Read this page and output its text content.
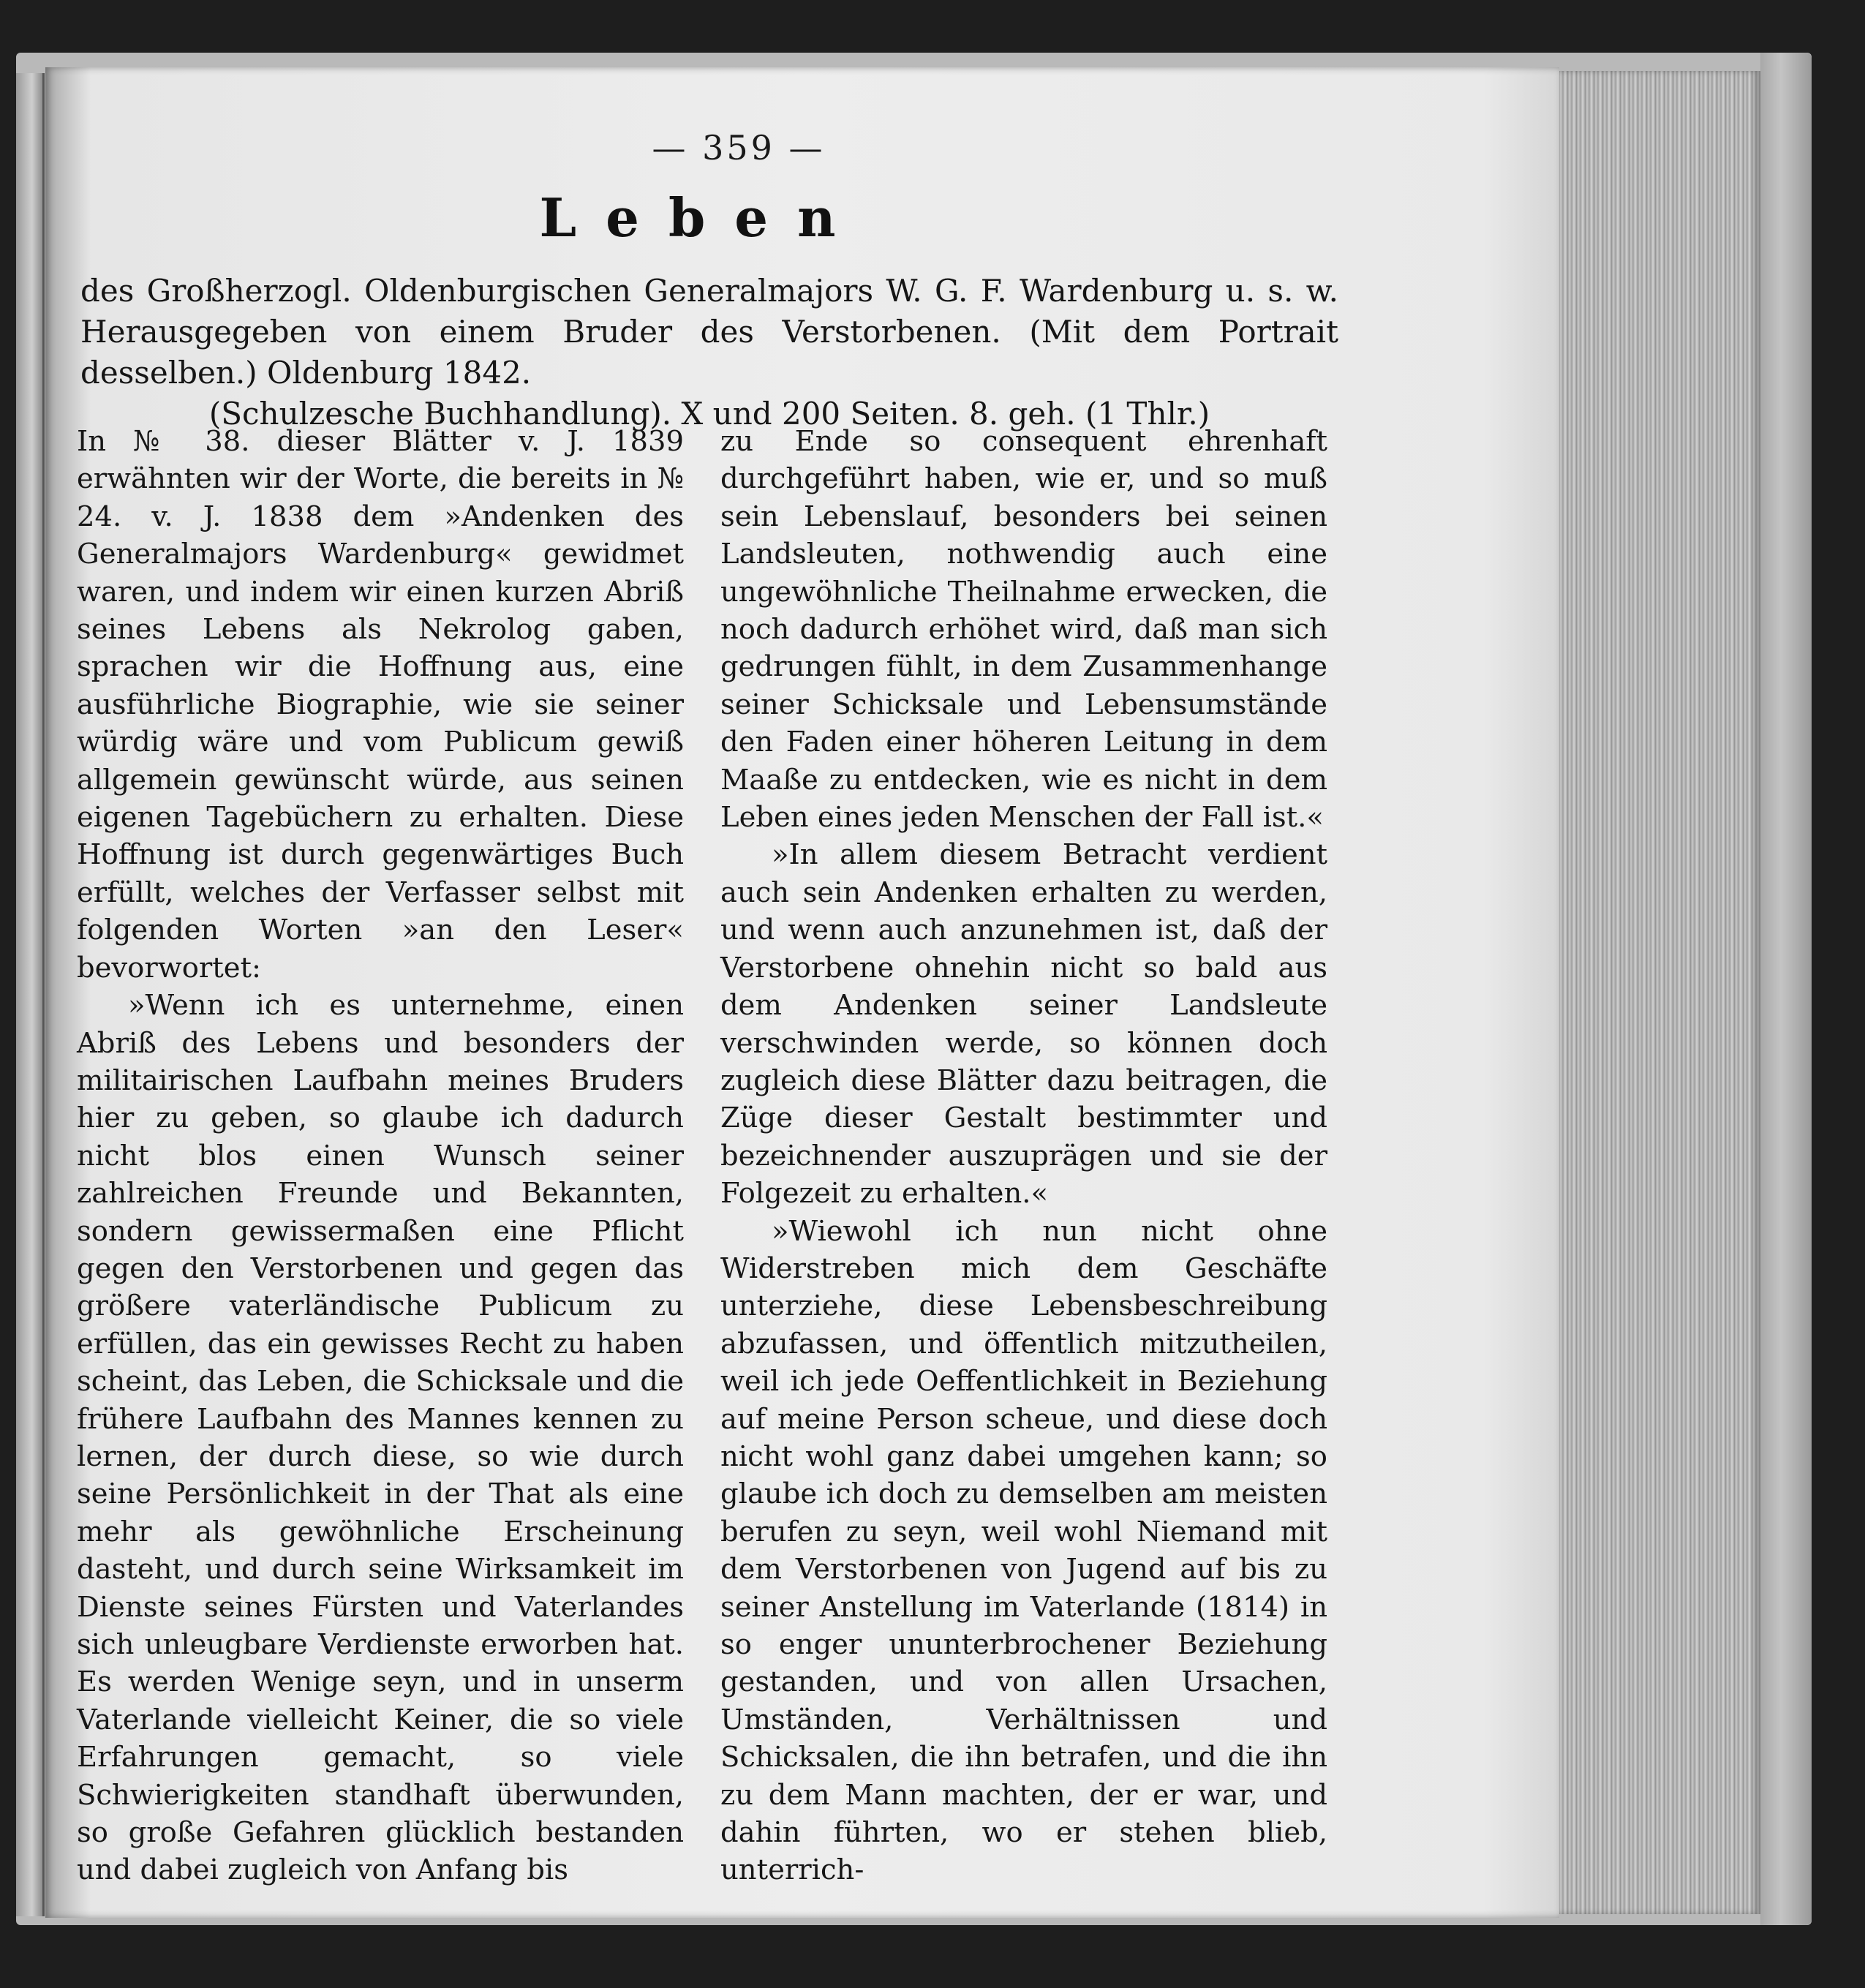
— 359 —
Leben
des Großherzogl. Oldenburgischen Generalmajors W. G. F. Wardenburg u. s. w. Herausgegeben von einem Bruder des Verstorbenen. (Mit dem Portrait desselben.) Oldenburg 1842.
(Schulzesche Buchhandlung). X und 200 Seiten. 8. geh. (1 Thlr.)

In № 38. dieser Blätter v. J. 1839 erwähnten wir der Worte, die bereits in № 24. v. J. 1838 dem »Andenken des Generalmajors Wardenburg« gewidmet waren, und indem wir einen kurzen Abriß seines Lebens als Nekrolog gaben, sprachen wir die Hoffnung aus, eine ausführliche Biographie, wie sie seiner würdig wäre und vom Publicum gewiß allgemein gewünscht würde, aus seinen eigenen Tagebüchern zu erhalten. Diese Hoffnung ist durch gegenwärtiges Buch erfüllt, welches der Verfasser selbst mit folgenden Worten »an den Leser« bevorwortet:

»Wenn ich es unternehme, einen Abriß des Lebens und besonders der militairischen Laufbahn meines Bruders hier zu geben, so glaube ich dadurch nicht blos einen Wunsch seiner zahlreichen Freunde und Bekannten, sondern gewissermaßen eine Pflicht gegen den Verstorbenen und gegen das größere vaterländische Publicum zu erfüllen, das ein gewisses Recht zu haben scheint, das Leben, die Schicksale und die frühere Laufbahn des Mannes kennen zu lernen, der durch diese, so wie durch seine Persönlichkeit in der That als eine mehr als gewöhnliche Erscheinung dasteht, und durch seine Wirksamkeit im Dienste seines Fürsten und Vaterlandes sich unleugbare Verdienste erworben hat. Es werden Wenige seyn, und in unserm Vaterlande vielleicht Keiner, die so viele Erfahrungen gemacht, so viele Schwierigkeiten standhaft überwunden, so große Gefahren glücklich bestanden und dabei zugleich von Anfang bis

zu Ende so consequent ehrenhaft durchgeführt haben, wie er, und so muß sein Lebenslauf, besonders bei seinen Landsleuten, nothwendig auch eine ungewöhnliche Theilnahme erwecken, die noch dadurch erhöhet wird, daß man sich gedrungen fühlt, in dem Zusammenhange seiner Schicksale und Lebensumstände den Faden einer höheren Leitung in dem Maaße zu entdecken, wie es nicht in dem Leben eines jeden Menschen der Fall ist.«

»In allem diesem Betracht verdient auch sein Andenken erhalten zu werden, und wenn auch anzunehmen ist, daß der Verstorbene ohnehin nicht so bald aus dem Andenken seiner Landsleute verschwinden werde, so können doch zugleich diese Blätter dazu beitragen, die Züge dieser Gestalt bestimmter und bezeichnender auszuprägen und sie der Folgezeit zu erhalten.«

»Wiewohl ich nun nicht ohne Widerstreben mich dem Geschäfte unterziehe, diese Lebensbeschreibung abzufassen, und öffentlich mitzutheilen, weil ich jede Oeffentlichkeit in Beziehung auf meine Person scheue, und diese doch nicht wohl ganz dabei umgehen kann; so glaube ich doch zu demselben am meisten berufen zu seyn, weil wohl Niemand mit dem Verstorbenen von Jugend auf bis zu seiner Anstellung im Vaterlande (1814) in so enger ununterbrochener Beziehung gestanden, und von allen Ursachen, Umständen, Verhältnissen und Schicksalen, die ihn betrafen, und die ihn zu dem Mann machten, der er war, und dahin führten, wo er stehen blieb, unterrich-
